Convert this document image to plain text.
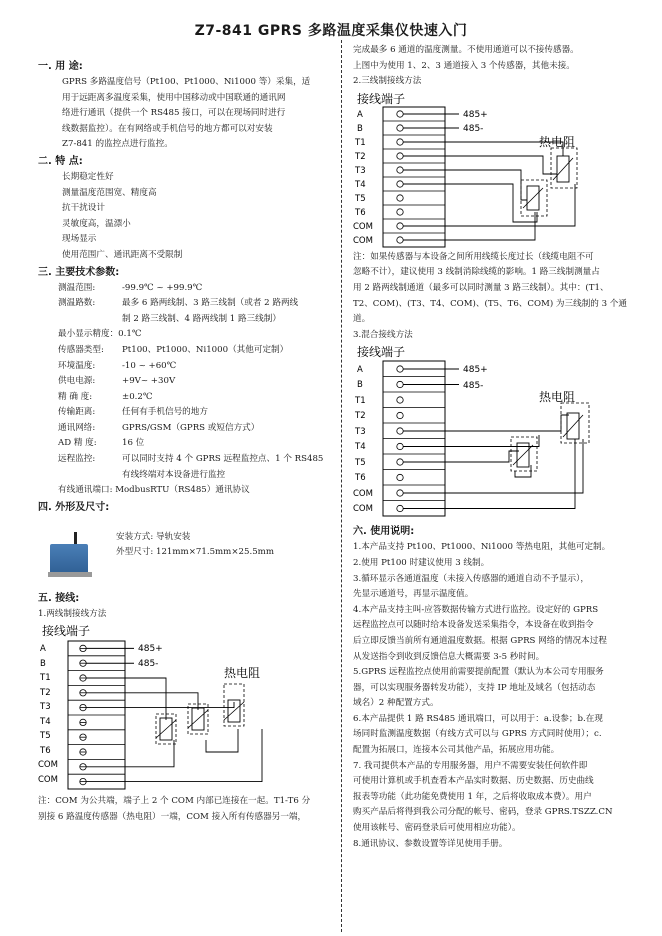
Z7-841 GPRS 多路温度采集仪快速入门

一. 用 途:

GPRS 多路温度信号（Pt100、Pt1000、Ni1000 等）采集，适

用于远距离多温度采集，使用中国移动或中国联通的通讯网

络进行通讯（提供一个 RS485 接口，可以在现场同时进行

线数据监控）。在有网络或手机信号的地方都可以对安装

Z7-841 的监控点进行监控。

二. 特 点:

长期稳定性好

测量温度范围宽、精度高

抗干扰设计

灵敏度高，温漂小

现场显示

使用范围广、通讯距离不受限制

三. 主要技术参数:

测温范围:	-99.9℃ ~ +99.9℃
测温路数:	最多 6 路两线制、3 路三线制（或者 2 路两线

制 2 路三线制、4 路两线制 1 路三线制）

最小显示精度：0.1℃

传感器类型:	Pt100、Pt1000、Ni1000（其他可定制）
环境温度:	-10 ~ +60℃
供电电源:	+9V~ +30V
精 确 度:	±0.2℃
传输距离:	任何有手机信号的地方
通讯网络:	GPRS/GSM（GPRS 或短信方式）
AD 精 度:	16 位
远程监控:	可以同时支持 4 个 GPRS 远程监控点、1 个 RS485

有线终端对本设备进行监控

有线通讯端口: ModbusRTU（RS485）通讯协议

四. 外形及尺寸:

安装方式: 导轨安装

外型尺寸: 121mm×71.5mm×25.5mm

五. 接线:

1.两线制接线方法

接线端子
A
B
T1
T2
T3
T4
T5
T6
COM
COM
485+
485-
热电阻

注：COM 为公共端，端子上 2 个 COM 内部已连接在一起。T1-T6 分

别接 6 路温度传感器（热电阻）一端，COM 接入所有传感器另一端，

完成最多 6 通道的温度测量。不使用通道可以不接传感器。

上图中为使用 1、2、3 通道接入 3 个传感器，其他未接。

2.三线制接线方法

接线端子
A
B
T1
T2
T3
T4
T5
T6
COM
COM
485+
485-
热电阻

注：如果传感器与本设备之间所用线缆长度过长（线缆电阻不可

忽略不计），建议使用 3 线制消除线缆的影响。1 路三线制测量占

用 2 路两线制通道（最多可以同时测量 3 路三线制）。其中：(T1、

T2、COM)、(T3、T4、COM)、(T5、T6、COM) 为三线制的 3 个通道。

3.混合接线方法

接线端子
A
B
T1
T2
T3
T4
T5
T6
COM
COM
485+
485-
热电阻

六. 使用说明:

1.本产品支持 Pt100、Pt1000、Ni1000 等热电阻，其他可定制。

2.使用 Pt100 时建议使用 3 线制。

3.循环显示各通道温度（未接入传感器的通道自动不予显示），

先显示通道号，再显示温度值。

4.本产品支持主叫-应答数据传输方式进行监控。设定好的 GPRS

远程监控点可以随时给本设备发送采集指令，本设备在收到指令

后立即反馈当前所有通道温度数据。根据 GPRS 网络的情况本过程

从发送指令到收到反馈信息大概需要 3-5 秒时间。

5.GPRS 远程监控点使用前需要提前配置（默认为本公司专用服务

器，可以实现服务器转发功能），支持 IP 地址及域名（包括动态

域名）2 种配置方式。

6.本产品提供 1 路 RS485 通讯端口，可以用于：a.设参；b.在现

场同时监测温度数据（有线方式可以与 GPRS 方式同时使用）；c.

配置为拓展口，连接本公司其他产品，拓展应用功能。

7. 我司提供本产品的专用服务器，用户不需要安装任何软件即

可使用计算机或手机查看本产品实时数据、历史数据、历史曲线

报表等功能（此功能免费使用 1 年，之后将收取成本费）。用户

购买产品后将得到我公司分配的帐号、密码，登录 GPRS.TSZZ.CN

使用该帐号、密码登录后可使用相应功能）。

8.通讯协议、参数设置等详见使用手册。
